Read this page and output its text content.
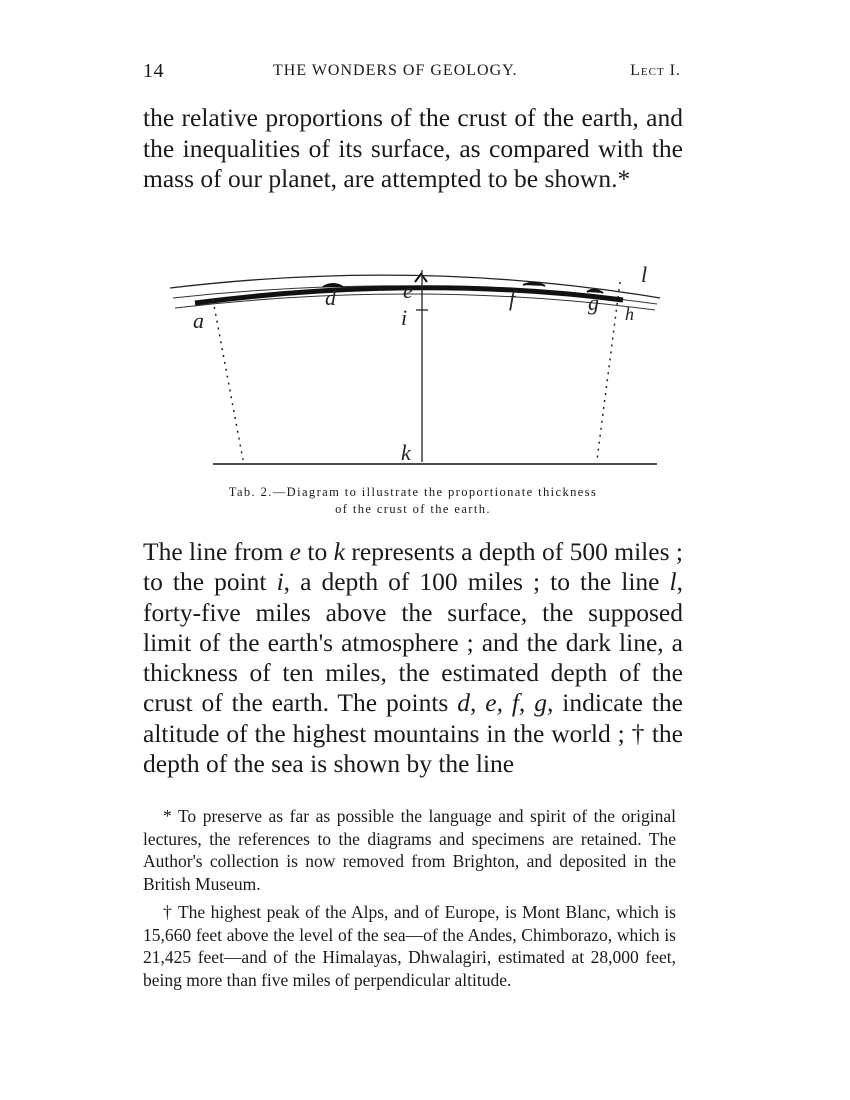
14	THE WONDERS OF GEOLOGY.	Lect I.
the relative proportions of the crust of the earth, and the inequalities of its surface, as compared with the mass of our planet, are attempted to be shown.*
a
d	e	f	g h
i
k
l
Tab. 2.—Diagram to illustrate the proportionate thickness
of the crust of the earth.

The line from e to k represents a depth of 500 miles ; to the point i, a depth of 100 miles ; to the line l, forty-five miles above the surface, the supposed limit of the earth's atmosphere ; and the dark line, a thickness of ten miles, the estimated depth of the crust of the earth. The points d, e, f, g, indicate the altitude of the highest mountains in the world ; † the depth of the sea is shown by the line

* To preserve as far as possible the language and spirit of the original lectures, the references to the diagrams and specimens are retained. The Author's collection is now removed from Brighton, and deposited in the British Museum.

† The highest peak of the Alps, and of Europe, is Mont Blanc, which is 15,660 feet above the level of the sea—of the Andes, Chimborazo, which is 21,425 feet—and of the Himalayas, Dhwalagiri, estimated at 28,000 feet, being more than five miles of perpendicular altitude.
